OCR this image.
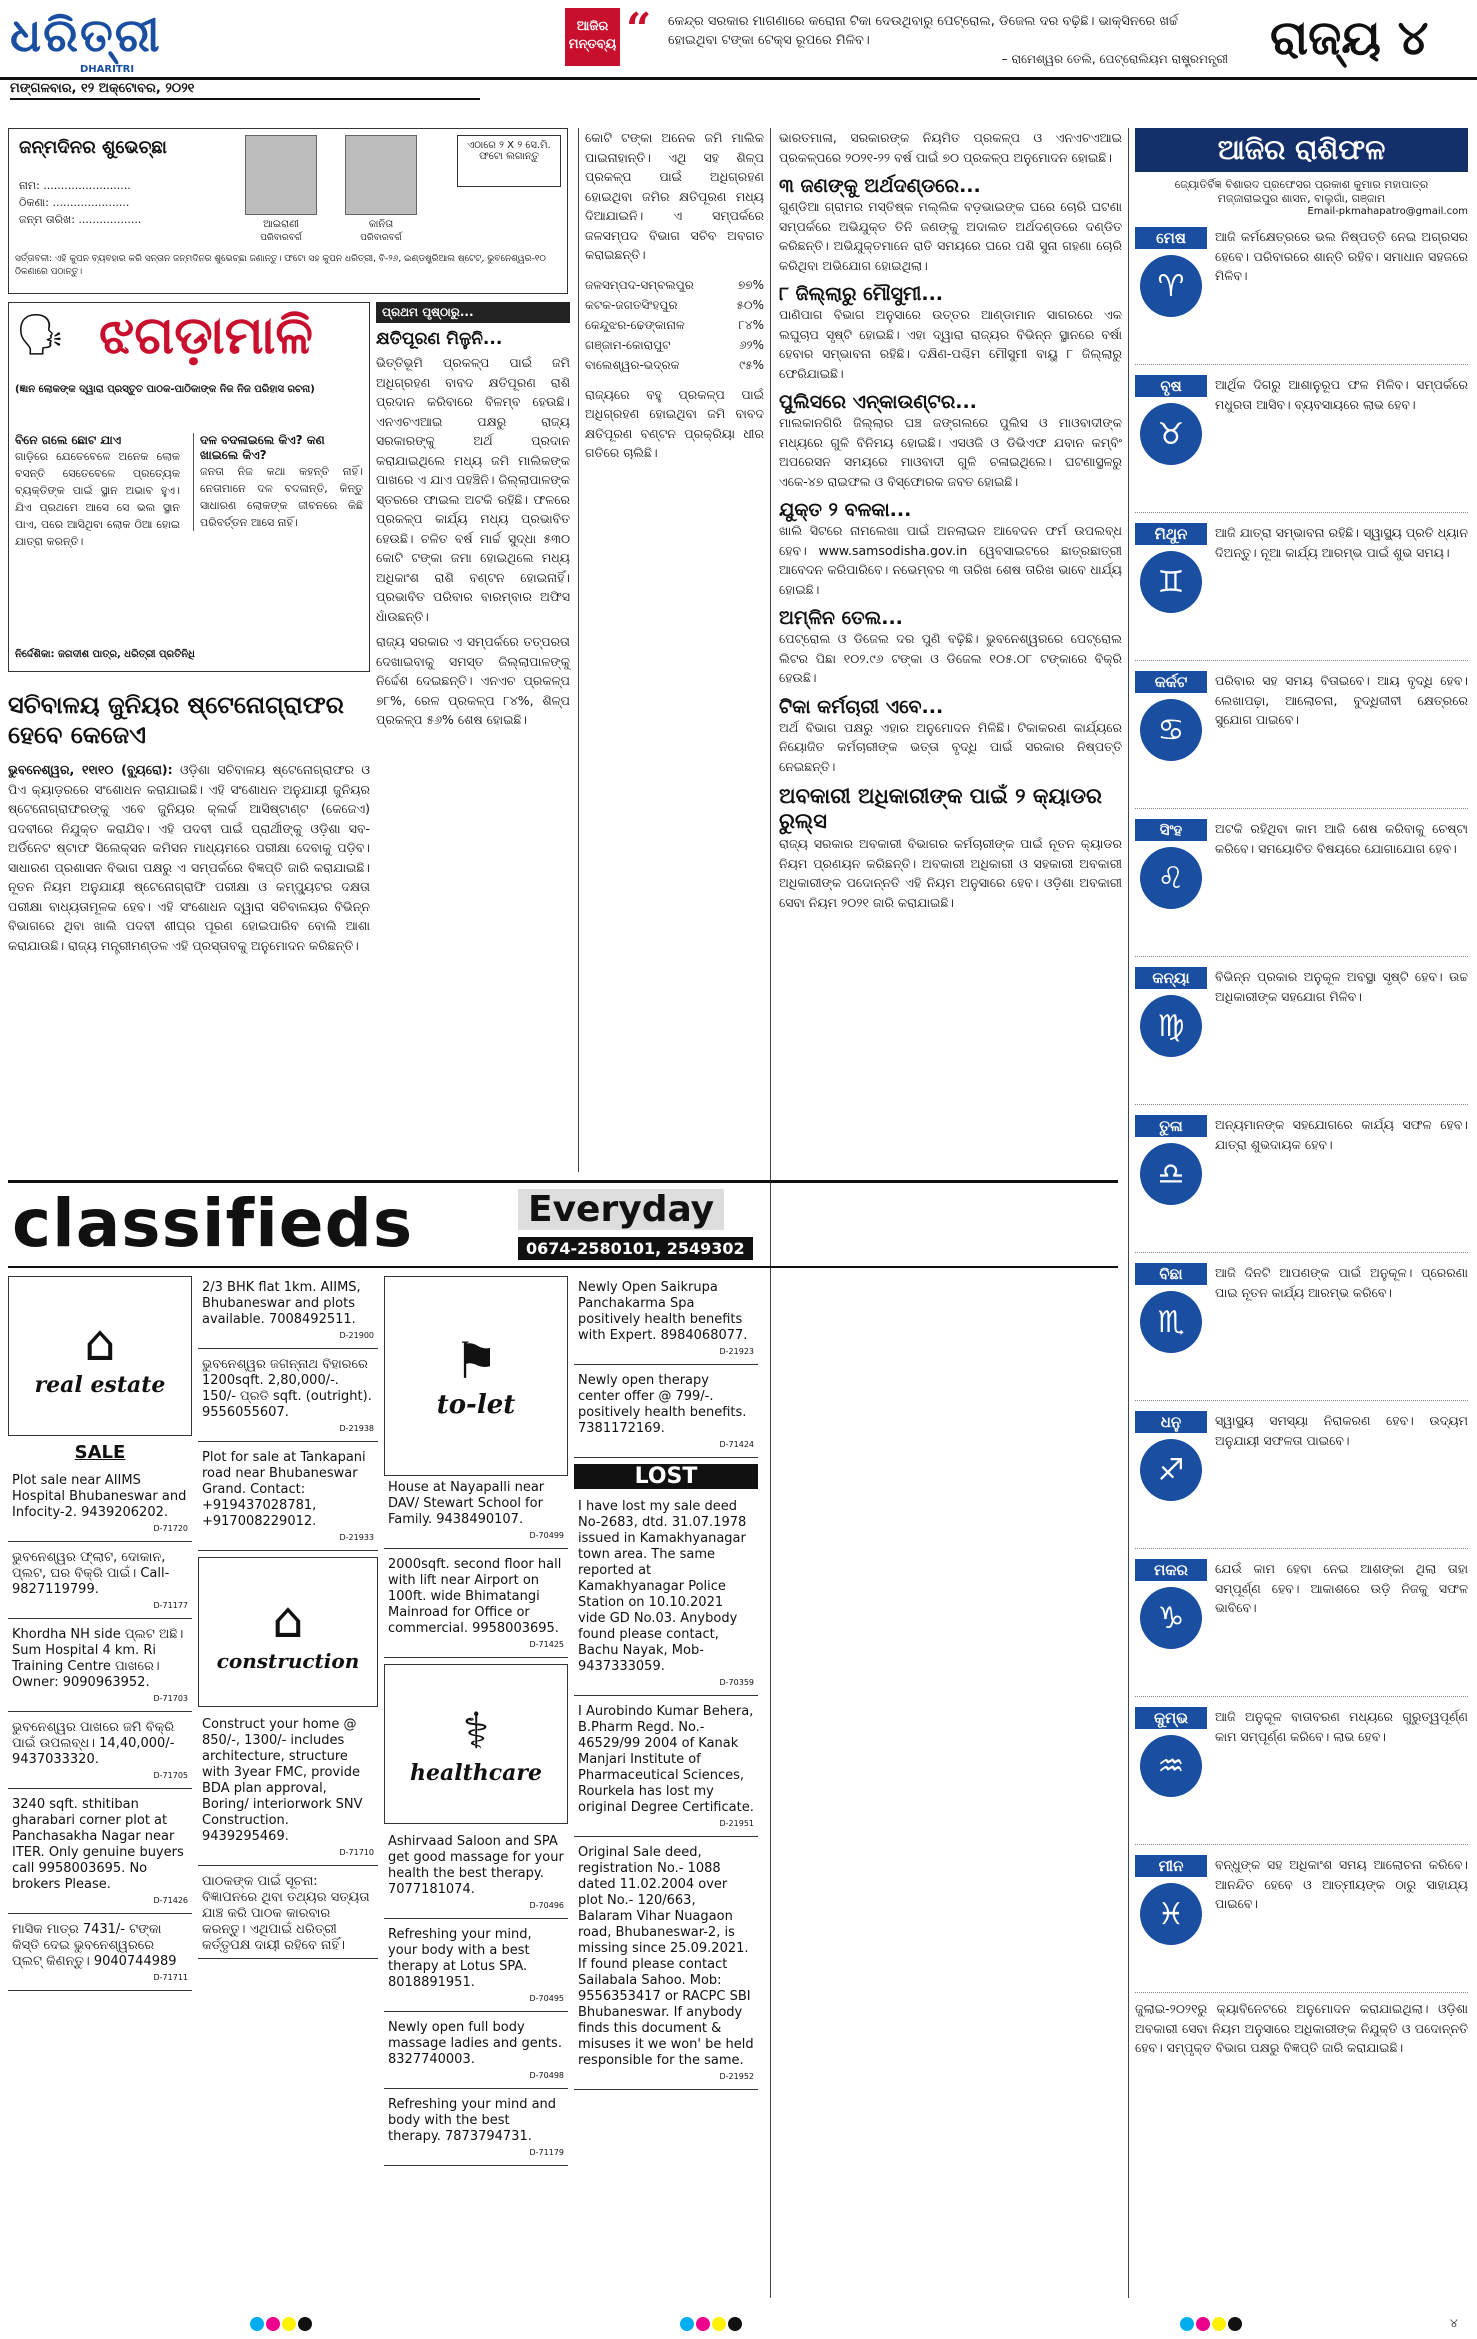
ଧରିତ୍ରୀ
DHARITRI
ଆଜିର ମନ୍ତବ୍ୟ “ କେନ୍ଦ୍ର ସରକାର ମାଗଣାରେ କରୋନା ଟିକା ଦେଉଥିବାରୁ ପେଟ୍ରୋଲ, ଡିଜେଲ ଦର ବଢ଼ିଛି। ଭାକ୍ସିନରେ ଖର୍ଚ୍ଚ ହୋଇଥିବା ଟଙ୍କା ଟେକ୍ସ ରୂପରେ ମିଳିବ।
– ରାମେଶ୍ୱର ତେଲି, ପେଟ୍ରୋଲିୟମ ରାଷ୍ଟ୍ରମନ୍ତ୍ରୀ ରାଜ୍ୟ ୪
ମଙ୍ଗଳବାର, ୧୨ ଅକ୍ଟୋବର, ୨୦୨୧
ଜନ୍ମଦିନର ଶୁଭେଚ୍ଛା
ନାମ: .........................
ଠିକଣା: ......................
ଜନ୍ମ ତାରିଖ: ..................	ଆଇରାଣୀ
ପରିବାରବର୍ଗ
କାନିତା
ପରିବାରବର୍ଗ
ଏଠାରେ ୨ X ୨ ସେ.ମି. ଫଟୋ ଲଗାନ୍ତୁ
ସର୍ତ୍ତାବଳୀ: ଏହି କୁପନ ବ୍ୟବହାର କରି ସନ୍ତାନ ଜନ୍ମଦିନର ଶୁଭେଚ୍ଛା ଜଣାନ୍ତୁ। ଫଟୋ ସହ କୁପନ ଧରିତ୍ରୀ, ବି-୨୬, ଇଣ୍ଡଷ୍ଟ୍ରିଆଲ ଷ୍ଟେଟ୍, ଭୁବନେଶ୍ୱର-୧୦ ଠିକଣାରେ ପଠାନ୍ତୁ।
🗣 ଝଗଡ଼ାମାଳି
(ଜ୍ଞାନ ଲୋକଙ୍କ ଦ୍ୱାରା ପ୍ରସ୍ତୁତ ପାଠକ-ପାଠିକାଙ୍କ ନିଜ ନିଜ ପରିହାସ ରଚନା)
ବିନେ ଗଲେ ଛୋଟ ଯାଏ
ଗାଡ଼ିରେ ଯେତେବେଳେ ଅନେକ ଲୋକ ବସନ୍ତି ସେତେବେଳେ ପ୍ରତ୍ୟେକ ବ୍ୟକ୍ତିଙ୍କ ପାଇଁ ସ୍ଥାନ ଅଭାବ ହୁଏ। ଯିଏ ପ୍ରଥମେ ଆସେ ସେ ଭଲ ସ୍ଥାନ ପାଏ, ପରେ ଆସିଥିବା ଲୋକ ଠିଆ ହୋଇ ଯାତ୍ରା କରନ୍ତି।
ଦଳ ବଦଳାଇଲେ କିଏ? କଣ ଖାଇଲେ କିଏ?
ଜନତା ନିଜ କଥା କହନ୍ତି ନାହିଁ। ନେତାମାନେ ଦଳ ବଦଳାନ୍ତି, କିନ୍ତୁ ସାଧାରଣ ଲୋକଙ୍କ ଜୀବନରେ କିଛି ପରିବର୍ତ୍ତନ ଆସେ ନାହିଁ।
ନିର୍ଦ୍ଦେଶିକା: ଜଗଦୀଶ ପାତ୍ର, ଧରିତ୍ରୀ ପ୍ରତିନିଧି
ପ୍ରଥମ ପୃଷ୍ଠାରୁ...
କ୍ଷତିପୂରଣ ମିଳୁନି...
ଭିତ୍ତିଭୂମି ପ୍ରକଳ୍ପ ପାଇଁ ଜମି ଅଧିଗ୍ରହଣ ବାବଦ କ୍ଷତିପୂରଣ ରାଶି ପ୍ରଦାନ କରିବାରେ ବିଳମ୍ବ ହେଉଛି। ଏନଏଚଏଆଇ ପକ୍ଷରୁ ରାଜ୍ୟ ସରକାରଙ୍କୁ ଅର୍ଥ ପ୍ରଦାନ କରାଯାଇଥିଲେ ମଧ୍ୟ ଜମି ମାଲିକଙ୍କ ପାଖରେ ଏ ଯାଏ ପହଞ୍ଚିନି। ଜିଲ୍ଲାପାଳଙ୍କ ସ୍ତରରେ ଫାଇଲ ଅଟକି ରହିଛି। ଫଳରେ ପ୍ରକଳ୍ପ କାର୍ଯ୍ୟ ମଧ୍ୟ ପ୍ରଭାବିତ ହେଉଛି। ଚଳିତ ବର୍ଷ ମାର୍ଚ୍ଚ ସୁଦ୍ଧା ୫୩୦ କୋଟି ଟଙ୍କା ଜମା ହୋଇଥିଲେ ମଧ୍ୟ ଅଧିକାଂଶ ରାଶି ବଣ୍ଟନ ହୋଇନାହିଁ। ପ୍ରଭାବିତ ପରିବାର ବାରମ୍ବାର ଅଫିସ ଧାଁଉଛନ୍ତି।
ରାଜ୍ୟ ସରକାର ଏ ସମ୍ପର୍କରେ ତତ୍ପରତା ଦେଖାଇବାକୁ ସମସ୍ତ ଜିଲ୍ଲାପାଳଙ୍କୁ ନିର୍ଦ୍ଦେଶ ଦେଇଛନ୍ତି। ଏନଏଚ ପ୍ରକଳ୍ପ ୭୮%, ରେଳ ପ୍ରକଳ୍ପ ୮୪%, ଶିଳ୍ପ ପ୍ରକଳ୍ପ ୫୬% ଶେଷ ହୋଇଛି।
ସଚିବାଳୟ ଜୁନିୟର ଷ୍ଟେନୋଗ୍ରାଫର ହେବେ କେଜେଏ
ଭୁବନେଶ୍ୱର, ୧୧ା୧୦ (ବ୍ୟୁରୋ): ଓଡ଼ିଶା ସଚିବାଳୟ ଷ୍ଟେନୋଗ୍ରାଫର ଓ ପିଏ କ୍ୟାଡ଼ରରେ ସଂଶୋଧନ କରାଯାଇଛି। ଏହି ସଂଶୋଧନ ଅନୁଯାୟୀ ଜୁନିୟର ଷ୍ଟେନୋଗ୍ରାଫରଙ୍କୁ ଏବେ ଜୁନିୟର କ୍ଲର୍କ ଆସିଷ୍ଟାଣ୍ଟ (କେଜେଏ) ପଦବୀରେ ନିଯୁକ୍ତ କରାଯିବ। ଏହି ପଦବୀ ପାଇଁ ପ୍ରାର୍ଥୀଙ୍କୁ ଓଡ଼ିଶା ସବ-ଅର୍ଡିନେଟ ଷ୍ଟାଫ ସିଲେକ୍ସନ କମିସନ ମାଧ୍ୟମରେ ପରୀକ୍ଷା ଦେବାକୁ ପଡ଼ିବ। ସାଧାରଣ ପ୍ରଶାସନ ବିଭାଗ ପକ୍ଷରୁ ଏ ସମ୍ପର୍କରେ ବିଜ୍ଞପ୍ତି ଜାରି କରାଯାଇଛି। ନୂତନ ନିୟମ ଅନୁଯାୟୀ ଷ୍ଟେନୋଗ୍ରାଫି ପରୀକ୍ଷା ଓ କମ୍ପ୍ୟୁଟର ଦକ୍ଷତା ପରୀକ୍ଷା ବାଧ୍ୟତାମୂଳକ ହେବ। ଏହି ସଂଶୋଧନ ଦ୍ୱାରା ସଚିବାଳୟର ବିଭିନ୍ନ ବିଭାଗରେ ଥିବା ଖାଲି ପଦବୀ ଶୀଘ୍ର ପୂରଣ ହୋଇପାରିବ ବୋଲି ଆଶା କରାଯାଉଛି। ରାଜ୍ୟ ମନ୍ତ୍ରୀମଣ୍ଡଳ ଏହି ପ୍ରସ୍ତାବକୁ ଅନୁମୋଦନ କରିଛନ୍ତି।
କୋଟି ଟଙ୍କା ଅନେକ ଜମି ମାଲିକ ପାଇନାହାନ୍ତି। ଏଥି ସହ ଶିଳ୍ପ ପ୍ରକଳ୍ପ ପାଇଁ ଅଧିଗ୍ରହଣ ହୋଇଥିବା ଜମିର କ୍ଷତିପୂରଣ ମଧ୍ୟ ଦିଆଯାଇନି। ଏ ସମ୍ପର୍କରେ ଜଳସମ୍ପଦ ବିଭାଗ ସଚିବ ଅବଗତ କରାଇଛନ୍ତି।
ଜଳସମ୍ପଦ-ସମ୍ବଲପୁର	୭୭%
କଟକ-ଜଗତସିଂହପୁର	୫୦%
କେନ୍ଦୁଝର-ଢେଙ୍କାନାଳ	୮୪%
ଗଞ୍ଜାମ-କୋରାପୁଟ	୬୨%
ବାଲେଶ୍ୱର-ଭଦ୍ରକ	୯୫%
ରାଜ୍ୟରେ ବହୁ ପ୍ରକଳ୍ପ ପାଇଁ ଅଧିଗ୍ରହଣ ହୋଇଥିବା ଜମି ବାବଦ କ୍ଷତିପୂରଣ ବଣ୍ଟନ ପ୍ରକ୍ରିୟା ଧୀର ଗତିରେ ଚାଲିଛି।
ଭାରତମାଳା, ସରକାରଙ୍କ ନିୟମିତ ପ୍ରକଳ୍ପ ଓ ଏନଏଚଏଆଇ ପ୍ରକଳ୍ପରେ ୨୦୨୧-୨୨ ବର୍ଷ ପାଇଁ ୭୦ ପ୍ରକଳ୍ପ ଅନୁମୋଦନ ହୋଇଛି।
୩ ଜଣଙ୍କୁ ଅର୍ଥଦଣ୍ଡରେ...
ଗୁଣ୍ଡିଆ ଗ୍ରାମର ମସ୍ତିଷ୍କ ମଲ୍ଲିକ ବଡ଼ଭାଇଙ୍କ ଘରେ ଚୋରି ଘଟଣା ସମ୍ପର୍କରେ ଅଭିଯୁକ୍ତ ତିନି ଜଣଙ୍କୁ ଅଦାଲତ ଅର୍ଥଦଣ୍ଡରେ ଦଣ୍ଡିତ କରିଛନ୍ତି। ଅଭିଯୁକ୍ତମାନେ ରାତି ସମୟରେ ଘରେ ପଶି ସୁନା ଗହଣା ଚୋରି କରିଥିବା ଅଭିଯୋଗ ହୋଇଥିଲା।
୮ ଜିଲ୍ଲାରୁ ମୌସୁମୀ...
ପାଣିପାଗ ବିଭାଗ ଅନୁସାରେ ଉତ୍ତର ଆଣ୍ଡାମାନ ସାଗରରେ ଏକ ଲଘୁଚାପ ସୃଷ୍ଟି ହୋଇଛି। ଏହା ଦ୍ୱାରା ରାଜ୍ୟର ବିଭିନ୍ନ ସ୍ଥାନରେ ବର୍ଷା ହେବାର ସମ୍ଭାବନା ରହିଛି। ଦକ୍ଷିଣ-ପଶ୍ଚିମ ମୌସୁମୀ ବାୟୁ ୮ ଜିଲ୍ଲାରୁ ଫେରିଯାଇଛି।
ପୁଲିସରେ ଏନ୍‌କାଉଣ୍ଟର...
ମାଲକାନଗିରି ଜିଲ୍ଲାର ଘଞ୍ଚ ଜଙ୍ଗଲରେ ପୁଲିସ ଓ ମାଓବାଦୀଙ୍କ ମଧ୍ୟରେ ଗୁଳି ବିନିମୟ ହୋଇଛି। ଏସଓଜି ଓ ଡିଭିଏଫ ଯବାନ କମ୍ବିଂ ଅପରେସନ ସମୟରେ ମାଓବାଦୀ ଗୁଳି ଚଳାଇଥିଲେ। ଘଟଣାସ୍ଥଳରୁ ଏକେ-୪୭ ରାଇଫଲ ଓ ବିସ୍ଫୋରକ ଜବତ ହୋଇଛି।
ଯୁକ୍ତ ୨ ବଳକା...
ଖାଲି ସିଟରେ ନାମଲେଖା ପାଇଁ ଅନଲାଇନ ଆବେଦନ ଫର୍ମ ଉପଲବ୍ଧ ହେବ। www.samsodisha.gov.in ୱେବସାଇଟରେ ଛାତ୍ରଛାତ୍ରୀ ଆବେଦନ କରିପାରିବେ। ନଭେମ୍ବର ୩ ତାରିଖ ଶେଷ ତାରିଖ ଭାବେ ଧାର୍ଯ୍ୟ ହୋଇଛି।
ଅମ୍ଳିନ ତେଲ...
ପେଟ୍ରୋଲ ଓ ଡିଜେଲ ଦର ପୁଣି ବଢ଼ିଛି। ଭୁବନେଶ୍ୱରରେ ପେଟ୍ରୋଲ ଲିଟର ପିଛା ୧୦୨.୯୬ ଟଙ୍କା ଓ ଡିଜେଲ ୧୦୫.୦୮ ଟଙ୍କାରେ ବିକ୍ରି ହେଉଛି।
ଟିକା କର୍ମଚାରୀ ଏବେ...
ଅର୍ଥ ବିଭାଗ ପକ୍ଷରୁ ଏହାର ଅନୁମୋଦନ ମିଳିଛି। ଟିକାକରଣ କାର୍ଯ୍ୟରେ ନିୟୋଜିତ କର୍ମଚାରୀଙ୍କ ଭତ୍ତା ବୃଦ୍ଧି ପାଇଁ ସରକାର ନିଷ୍ପତ୍ତି ନେଇଛନ୍ତି।
ଅବକାରୀ ଅଧିକାରୀଙ୍କ ପାଇଁ ୨ କ୍ୟାଡର ରୁଲ୍ସ
ରାଜ୍ୟ ସରକାର ଅବକାରୀ ବିଭାଗର କର୍ମଚାରୀଙ୍କ ପାଇଁ ନୂତନ କ୍ୟାଡର ନିୟମ ପ୍ରଣୟନ କରିଛନ୍ତି। ଅବକାରୀ ଅଧିକାରୀ ଓ ସହକାରୀ ଅବକାରୀ ଅଧିକାରୀଙ୍କ ପଦୋନ୍ନତି ଏହି ନିୟମ ଅନୁସାରେ ହେବ। ଓଡ଼ିଶା ଅବକାରୀ ସେବା ନିୟମ ୨୦୨୧ ଜାରି କରାଯାଇଛି।
ଆଜିର ରାଶିଫଳ
ଜ୍ୟୋତିର୍ବିଜ୍ଞ ବିଶାରଦ ପ୍ରଫେସର ପ୍ରକାଶ କୁମାର ମହାପାତ୍ର
ମଜ୍ଜାରାଇପୁର ଶାସନ, ବାଲୁଗାଁ, ଗଞ୍ଜାମ
Email-pkmahapatro@gmail.com
ମେଷ
♈
ଆଜି କର୍ମକ୍ଷେତ୍ରରେ ଭଲ ନିଷ୍ପତ୍ତି ନେଇ ଅଗ୍ରସର ହେବେ। ପରିବାରରେ ଶାନ୍ତି ରହିବ। ସମାଧାନ ସହଜରେ ମିଳିବ।
ବୃଷ
♉
ଆର୍ଥିକ ଦିଗରୁ ଆଶାନୁରୂପ ଫଳ ମିଳିବ। ସମ୍ପର୍କରେ ମଧୁରତା ଆସିବ। ବ୍ୟବସାୟରେ ଲାଭ ହେବ।
ମିଥୁନ
♊
ଆଜି ଯାତ୍ରା ସମ୍ଭାବନା ରହିଛି। ସ୍ୱାସ୍ଥ୍ୟ ପ୍ରତି ଧ୍ୟାନ ଦିଅନ୍ତୁ। ନୂଆ କାର୍ଯ୍ୟ ଆରମ୍ଭ ପାଇଁ ଶୁଭ ସମୟ।
କର୍କଟ
♋
ପରିବାର ସହ ସମୟ ବିତାଇବେ। ଆୟ ବୃଦ୍ଧି ହେବ। ଲେଖାପଢ଼ା, ଆଲୋଚନା, ବୁଦ୍ଧିଜୀବୀ କ୍ଷେତ୍ରରେ ସୁଯୋଗ ପାଇବେ।
ସିଂହ
♌
ଅଟକି ରହିଥିବା କାମ ଆଜି ଶେଷ କରିବାକୁ ଚେଷ୍ଟା କରିବେ। ସମୟୋଚିତ ବିଷୟରେ ଯୋଗାଯୋଗ ହେବ।
କନ୍ୟା
♍
ବିଭିନ୍ନ ପ୍ରକାର ଅନୁକୂଳ ଅବସ୍ଥା ସୃଷ୍ଟି ହେବ। ଉଚ୍ଚ ଅଧିକାରୀଙ୍କ ସହଯୋଗ ମିଳିବ।
ତୁଳା
♎
ଅନ୍ୟମାନଙ୍କ ସହଯୋଗରେ କାର୍ଯ୍ୟ ସଫଳ ହେବ। ଯାତ୍ରା ଶୁଭଦାୟକ ହେବ।
ବିଛା
♏
ଆଜି ଦିନଟି ଆପଣଙ୍କ ପାଇଁ ଅନୁକୂଳ। ପ୍ରେରଣା ପାଇ ନୂତନ କାର୍ଯ୍ୟ ଆରମ୍ଭ କରିବେ।
ଧନୁ
♐
ସ୍ୱାସ୍ଥ୍ୟ ସମସ୍ୟା ନିରାକରଣ ହେବ। ଉଦ୍ୟମ ଅନୁଯାୟୀ ସଫଳତା ପାଇବେ।
ମକର
♑
ଯେଉଁ କାମ ହେବା ନେଇ ଆଶଙ୍କା ଥିଲା ତାହା ସମ୍ପୂର୍ଣ୍ଣ ହେବ। ଆକାଶରେ ଉଡ଼ି ନିଜକୁ ସଫଳ ଭାବିବେ।
କୁମ୍ଭ
♒
ଆଜି ଅନୁକୂଳ ବାତାବରଣ ମଧ୍ୟରେ ଗୁରୁତ୍ୱପୂର୍ଣ୍ଣ କାମ ସମ୍ପୂର୍ଣ୍ଣ କରିବେ। ଲାଭ ହେବ।
ମୀନ
♓
ବନ୍ଧୁଙ୍କ ସହ ଅଧିକାଂଶ ସମୟ ଆଲୋଚନା କରିବେ। ଆନନ୍ଦିତ ହେବେ ଓ ଆତ୍ମୀୟଙ୍କ ଠାରୁ ସାହାଯ୍ୟ ପାଇବେ।
ଜୁଲାଇ-୨୦୨୧ରୁ କ୍ୟାବିନେଟରେ ଅନୁମୋଦନ କରାଯାଇଥିଲା। ଓଡ଼ିଶା ଅବକାରୀ ସେବା ନିୟମ ଅନୁସାରେ ଅଧିକାରୀଙ୍କ ନିଯୁକ୍ତି ଓ ପଦୋନ୍ନତି ହେବ। ସମ୍ପୃକ୍ତ ବିଭାଗ ପକ୍ଷରୁ ବିଜ୍ଞପ୍ତି ଜାରି କରାଯାଇଛି।
classifieds	Everyday
0674-2580101, 2549302
⌂
real estate
SALE
Plot sale near AIIMS Hospital Bhubaneswar and Infocity-2. 9439206202.
D-71720
ଭୁବନେଶ୍ୱର ଫ୍ଲାଟ, ଦୋକାନ, ପ୍ଲଟ, ଘର ବିକ୍ରି ପାଇଁ। Call- 9827119799.
D-71177
Khordha NH side ପ୍ଲଟ ଅଛି। Sum Hospital 4 km. Ri Training Centre ପାଖରେ। Owner: 9090963952.
D-71703
ଭୁବନେଶ୍ୱର ପାଖରେ ଜମି ବିକ୍ରି ପାଇଁ ଉପଲବ୍ଧ। 14,40,000/- 9437033320.
D-71705
3240 sqft. sthitiban gharabari corner plot at Panchasakha Nagar near ITER. Only genuine buyers call 9958003695. No brokers Please.
D-71426
ମାସିକ ମାତ୍ର 7431/- ଟଙ୍କା କିସ୍ତି ଦେଇ ଭୁବନେଶ୍ୱରରେ ପ୍ଲଟ୍ କିଣନ୍ତୁ। 9040744989
D-71711
2/3 BHK flat 1km. AIIMS, Bhubaneswar and plots available. 7008492511.
D-21900
ଭୁବନେଶ୍ୱର ଜଗନ୍ନାଥ ବିହାରରେ 1200sqft. 2,80,000/-. 150/- ପ୍ରତି sqft. (outright). 9556055607.
D-21938
Plot for sale at Tankapani road near Bhubaneswar Grand. Contact: +919437028781, +917008229012.
D-21933
⌂
construction
Construct your home @ 850/-, 1300/- includes architecture, structure with 3year FMC, provide BDA plan approval, Boring/ interiorwork SNV Construction. 9439295469.
D-71710
ପାଠକଙ୍କ ପାଇଁ ସୂଚନା: ବିଜ୍ଞାପନରେ ଥିବା ତଥ୍ୟର ସତ୍ୟତା ଯାଞ୍ଚ କରି ପାଠକ କାରବାର କରନ୍ତୁ। ଏଥିପାଇଁ ଧରିତ୍ରୀ କର୍ତ୍ତୃପକ୍ଷ ଦାୟୀ ରହିବେ ନାହିଁ।
⚑
to-let
House at Nayapalli near DAV/ Stewart School for Family. 9438490107.
D-70499
2000sqft. second floor hall with lift near Airport on 100ft. wide Bhimatangi Mainroad for Office or commercial. 9958003695.
D-71425
⚕
healthcare
Ashirvaad Saloon and SPA get good massage for your health the best therapy. 7077181074.
D-70496
Refreshing your mind, your body with a best therapy at Lotus SPA. 8018891951.
D-70495
Newly open full body massage ladies and gents. 8327740003.
D-70498
Refreshing your mind and body with the best therapy. 7873794731.
D-71179
Newly Open Saikrupa Panchakarma Spa positively health benefits with Expert. 8984068077.
D-21923
Newly open therapy center offer @ 799/-. positively health benefits. 7381172169.
D-71424
LOST
I have lost my sale deed No-2683, dtd. 31.07.1978 issued in Kamakhyanagar town area. The same reported at Kamakhyanagar Police Station on 10.10.2021 vide GD No.03. Anybody found please contact, Bachu Nayak, Mob-9437333059.
D-70359
I Aurobindo Kumar Behera, B.Pharm Regd. No.- 46529/99 2004 of Kanak Manjari Institute of Pharmaceutical Sciences, Rourkela has lost my original Degree Certificate.
D-21951
Original Sale deed, registration No.- 1088 dated 11.02.2004 over plot No.- 120/663, Balaram Vihar Nuagaon road, Bhubaneswar-2, is missing since 25.09.2021. If found please contact Sailabala Sahoo. Mob: 9556353417 or RACPC SBI Bhubaneswar. If anybody finds this document & misuses it we won' be held responsible for the same.
D-21952
୪
